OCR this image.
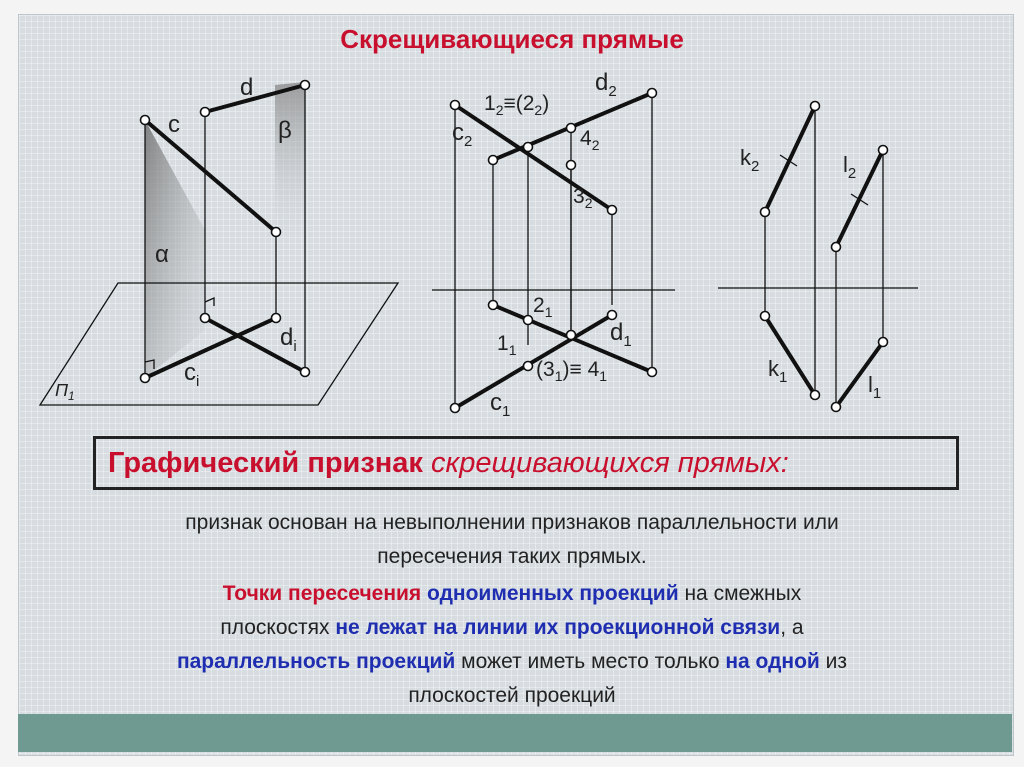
Скрещивающиеся прямые
d
c	β
α
$d_i$
$c_i$
$\Pi_1$
$d_2$
$c_2$
$1_2\equiv(2_2)$
$4_2$
$3_2$
$2_1$
$1_1$
$d_1$
$(3_1)\equiv 4_1$
$c_1$
$k_2$	$l_2$
$k_1$	$l_1$
Графический признак скрещивающихся прямых:
признак основан на невыполнении признаков параллельности или
пересечения таких прямых.
Точки пересечения одноименных проекций на смежных
плоскостях не лежат на линии их проекционной связи, а
параллельность проекций может иметь место только на одной из
плоскостей проекций
